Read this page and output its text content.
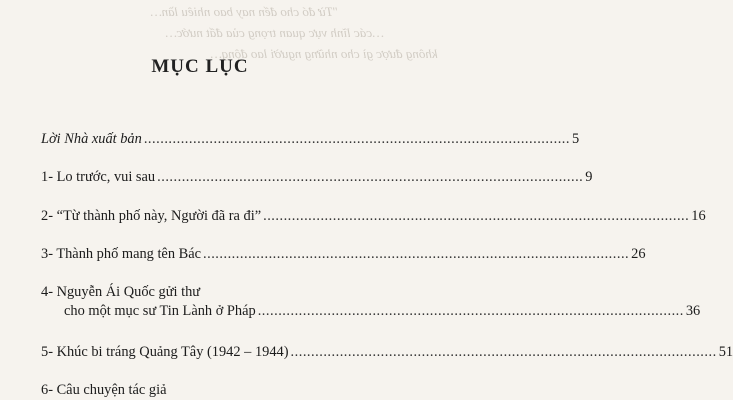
"Từ đó cho đến nay bao nhiêu lần…
…các lĩnh vực quan trọng của đất nước…
không được gì cho những người lao động…
MỤC LỤC
Lời Nhà xuất bản ........................................................................................................ 5
1- Lo trước, vui sau ........................................................................................................ 9
2- “Từ thành phố này, Người đã ra đi” ........................................................................................................ 16
3- Thành phố mang tên Bác ........................................................................................................ 26
4- Nguyễn Ái Quốc gửi thư
cho một mục sư Tin Lành ở Pháp ........................................................................................................ 36
5- Khúc bi tráng Quảng Tây (1942 – 1944) ........................................................................................................ 51
6- Câu chuyện tác giả
